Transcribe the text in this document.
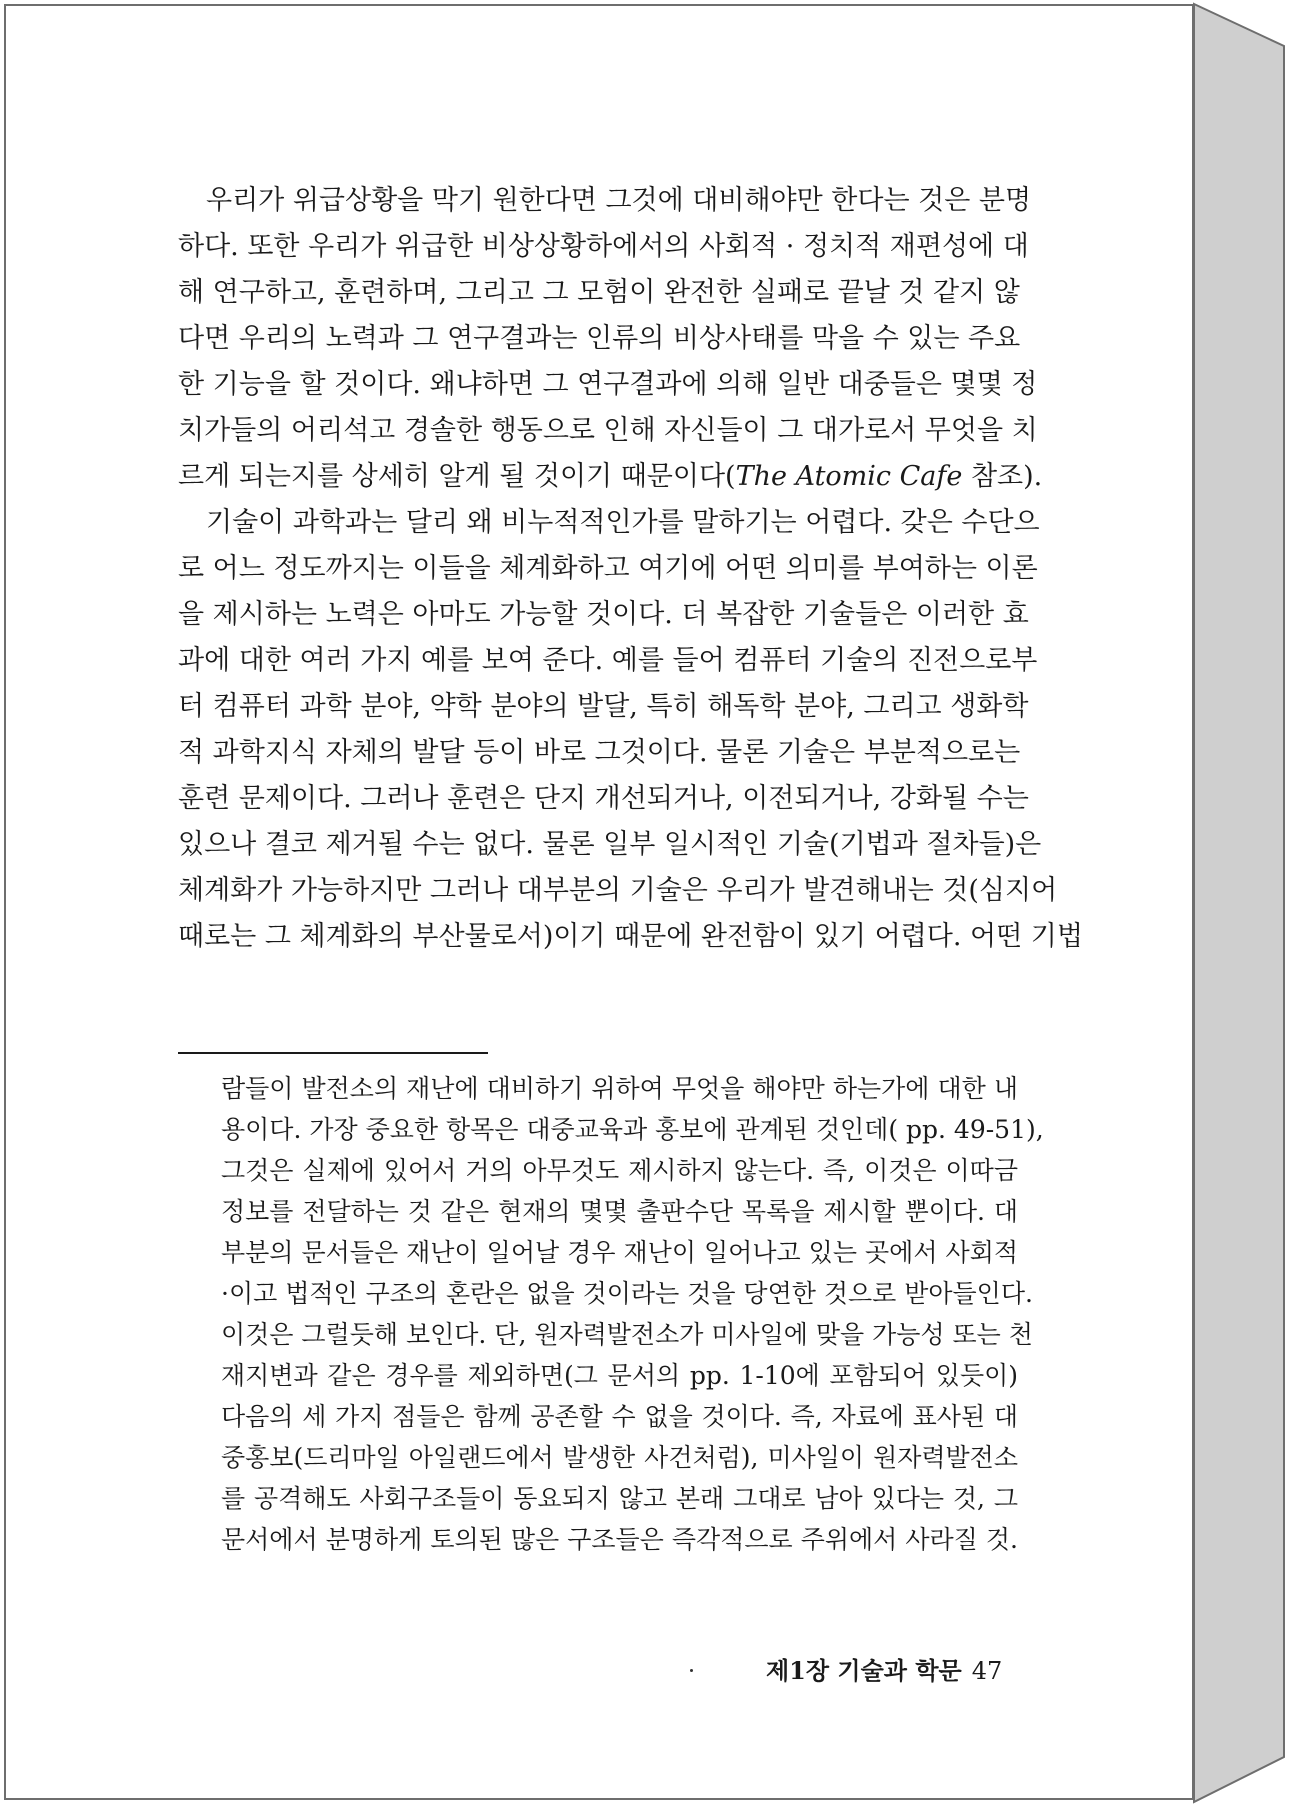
우리가 위급상황을 막기 원한다면 그것에 대비해야만 한다는 것은 분명
하다. 또한 우리가 위급한 비상상황하에서의 사회적 · 정치적 재편성에 대
해 연구하고, 훈련하며, 그리고 그 모험이 완전한 실패로 끝날 것 같지 않
다면 우리의 노력과 그 연구결과는 인류의 비상사태를 막을 수 있는 주요
한 기능을 할 것이다. 왜냐하면 그 연구결과에 의해 일반 대중들은 몇몇 정
치가들의 어리석고 경솔한 행동으로 인해 자신들이 그 대가로서 무엇을 치
르게 되는지를 상세히 알게 될 것이기 때문이다(The Atomic Cafe 참조).
기술이 과학과는 달리 왜 비누적적인가를 말하기는 어렵다. 갖은 수단으
로 어느 정도까지는 이들을 체계화하고 여기에 어떤 의미를 부여하는 이론
을 제시하는 노력은 아마도 가능할 것이다. 더 복잡한 기술들은 이러한 효
과에 대한 여러 가지 예를 보여 준다. 예를 들어 컴퓨터 기술의 진전으로부
터 컴퓨터 과학 분야, 약학 분야의 발달, 특히 해독학 분야, 그리고 생화학
적 과학지식 자체의 발달 등이 바로 그것이다. 물론 기술은 부분적으로는
훈련 문제이다. 그러나 훈련은 단지 개선되거나, 이전되거나, 강화될 수는
있으나 결코 제거될 수는 없다. 물론 일부 일시적인 기술(기법과 절차들)은
체계화가 가능하지만 그러나 대부분의 기술은 우리가 발견해내는 것(심지어
때로는 그 체계화의 부산물로서)이기 때문에 완전함이 있기 어렵다. 어떤 기법
람들이 발전소의 재난에 대비하기 위하여 무엇을 해야만 하는가에 대한 내
용이다. 가장 중요한 항목은 대중교육과 홍보에 관계된 것인데( pp. 49-51),
그것은 실제에 있어서 거의 아무것도 제시하지 않는다. 즉, 이것은 이따금
정보를 전달하는 것 같은 현재의 몇몇 출판수단 목록을 제시할 뿐이다. 대
부분의 문서들은 재난이 일어날 경우 재난이 일어나고 있는 곳에서 사회적
·이고 법적인 구조의 혼란은 없을 것이라는 것을 당연한 것으로 받아들인다.
이것은 그럴듯해 보인다. 단, 원자력발전소가 미사일에 맞을 가능성 또는 천
재지변과 같은 경우를 제외하면(그 문서의 pp. 1-10에 포함되어 있듯이)
다음의 세 가지 점들은 함께 공존할 수 없을 것이다. 즉, 자료에 표사된 대
중홍보(드리마일 아일랜드에서 발생한 사건처럼), 미사일이 원자력발전소
를 공격해도 사회구조들이 동요되지 않고 본래 그대로 남아 있다는 것, 그
문서에서 분명하게 토의된 많은 구조들은 즉각적으로 주위에서 사라질 것.
제1장 기술과 학문 47
